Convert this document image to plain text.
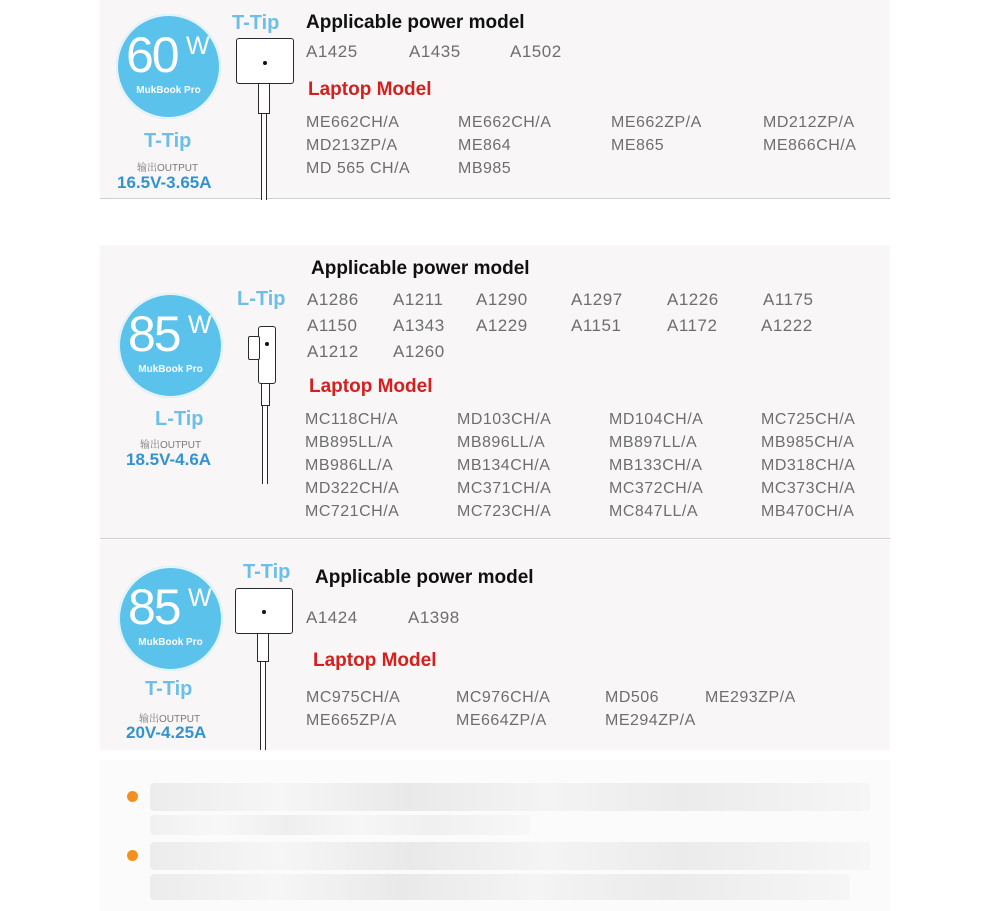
60 W
MukBook Pro
T-Tip
输出OUTPUT
16.5V-3.65A
T-Tip Applicable power model
A1425	A1435	A1502
Laptop Model
ME662CH/A	ME662CH/A	ME662ZP/A	MD212ZP/A
MD213ZP/A	ME864	ME865	ME866CH/A
MD 565 CH/A	MB985
85 W
MukBook Pro
L-Tip
输出OUTPUT
18.5V-4.6A
L-Tip
Applicable power model
A1286 A1211 A1290	A1297	A1226	A1175
A1150 A1343 A1229	A1151	A1172	A1222
A1212 A1260
Laptop Model
MC118CH/A	MD103CH/A	MD104CH/A	MC725CH/A
MB895LL/A	MB896LL/A	MB897LL/A	MB985CH/A
MB986LL/A	MB134CH/A	MB133CH/A	MD318CH/A
MD322CH/A	MC371CH/A	MC372CH/A	MC373CH/A
MC721CH/A	MC723CH/A	MC847LL/A	MB470CH/A
85 W
MukBook Pro
T-Tip
输出OUTPUT
20V-4.25A
T-Tip Applicable power model
A1424	A1398
Laptop Model
MC975CH/A	MC976CH/A	MD506	ME293ZP/A
ME665ZP/A	ME664ZP/A	ME294ZP/A
